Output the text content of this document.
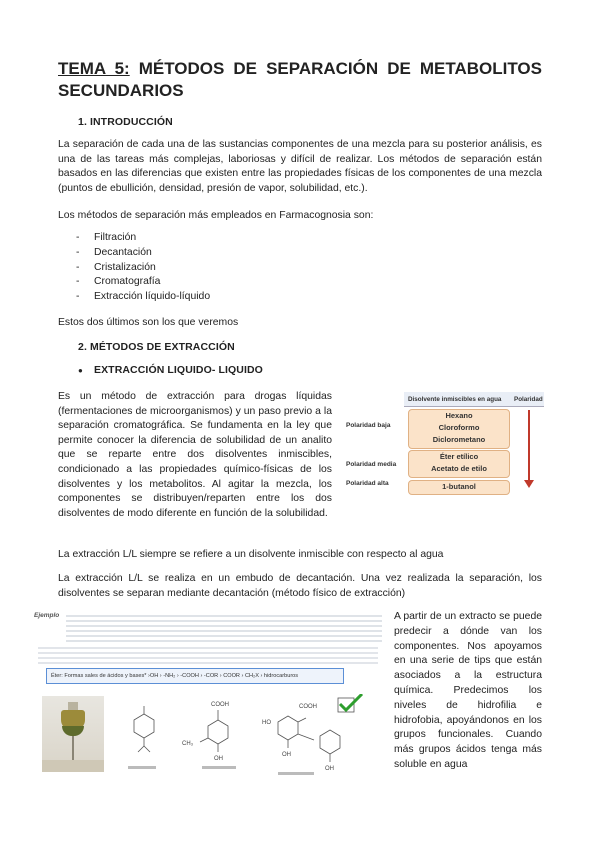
TEMA 5: MÉTODOS DE SEPARACIÓN DE METABOLITOS SECUNDARIOS
1. INTRODUCCIÓN
La separación de cada una de las sustancias componentes de una mezcla para su posterior análisis, es una de las tareas más complejas, laboriosas y difícil de realizar. Los métodos de separación están basados en las diferencias que existen entre las propiedades físicas de los componentes de una mezcla (puntos de ebullición, densidad, presión de vapor, solubilidad, etc.).
Los métodos de separación más empleados en Farmacognosia son:
- Filtración
- Decantación
- Cristalización
- Cromatografía
- Extracción líquido-líquido
Estos dos últimos son los que veremos
2. MÉTODOS DE EXTRACCIÓN
● EXTRACCIÓN LIQUIDO- LIQUIDO
Es un método de extracción para drogas líquidas (fermentaciones de microorganismos) y un paso previo a la separación cromatográfica. Se fundamenta en la ley que permite conocer la diferencia de solubilidad de un analito que se reparte entre dos disolventes inmiscibles, condicionado a las propiedades químico-físicas de los disolventes y los metabolitos. Al agitar la mezcla, los componentes se distribuyen/reparten entre los dos disolventes de modo diferente en función de la solubilidad.
Disolvente inmiscibles en agua Polaridad
Polaridad baja
Polaridad media
Polaridad alta
Hexano
Cloroformo
Diclorometano
Éter etílico
Acetato de etilo
1-butanol
La extracción L/L siempre se refiere a un disolvente inmiscible con respecto al agua
La extracción L/L se realiza en un embudo de decantación. Una vez realizada la separación, los disolventes se separan mediante decantación (método físico de extracción)
Ejemplo
Éter: Formas sales de ácidos y bases* ›OH › -NH₂ › -COOH › -COR › COOR › CH₂X › hidrocarburos
COOH
CH₃
OH
COOH
HO
OH
OH
A partir de un extracto se puede predecir a dónde van los componentes. Nos apoyamos en una serie de tips que están asociados a la estructura química. Predecimos los niveles de hidrofilia e hidrofobia, apoyándonos en los grupos funcionales. Cuando más grupos ácidos tenga más soluble en agua
